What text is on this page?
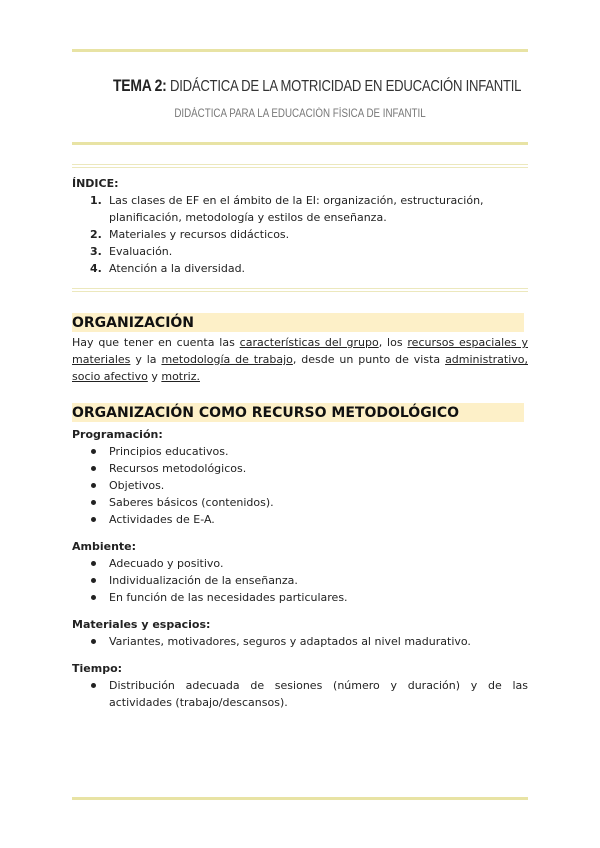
TEMA 2: DIDÁCTICA DE LA MOTRICIDAD EN EDUCACIÓN INFANTIL
DIDÁCTICA PARA LA EDUCACIÓN FÍSICA DE INFANTIL
ÍNDICE:
1. Las clases de EF en el ámbito de la EI: organización, estructuración, planificación, metodología y estilos de enseñanza.
2. Materiales y recursos didácticos.
3. Evaluación.
4. Atención a la diversidad.
ORGANIZACIÓN
Hay que tener en cuenta las características del grupo, los recursos espaciales y materiales y la metodología de trabajo, desde un punto de vista administrativo, socio afectivo y motriz.
ORGANIZACIÓN COMO RECURSO METODOLÓGICO
Programación:
Principios educativos.
Recursos metodológicos.
Objetivos.
Saberes básicos (contenidos).
Actividades de E-A.
Ambiente:
Adecuado y positivo.
Individualización de la enseñanza.
En función de las necesidades particulares.
Materiales y espacios:
Variantes, motivadores, seguros y adaptados al nivel madurativo.
Tiempo:
Distribución adecuada de sesiones (número y duración) y de las actividades (trabajo/descansos).
